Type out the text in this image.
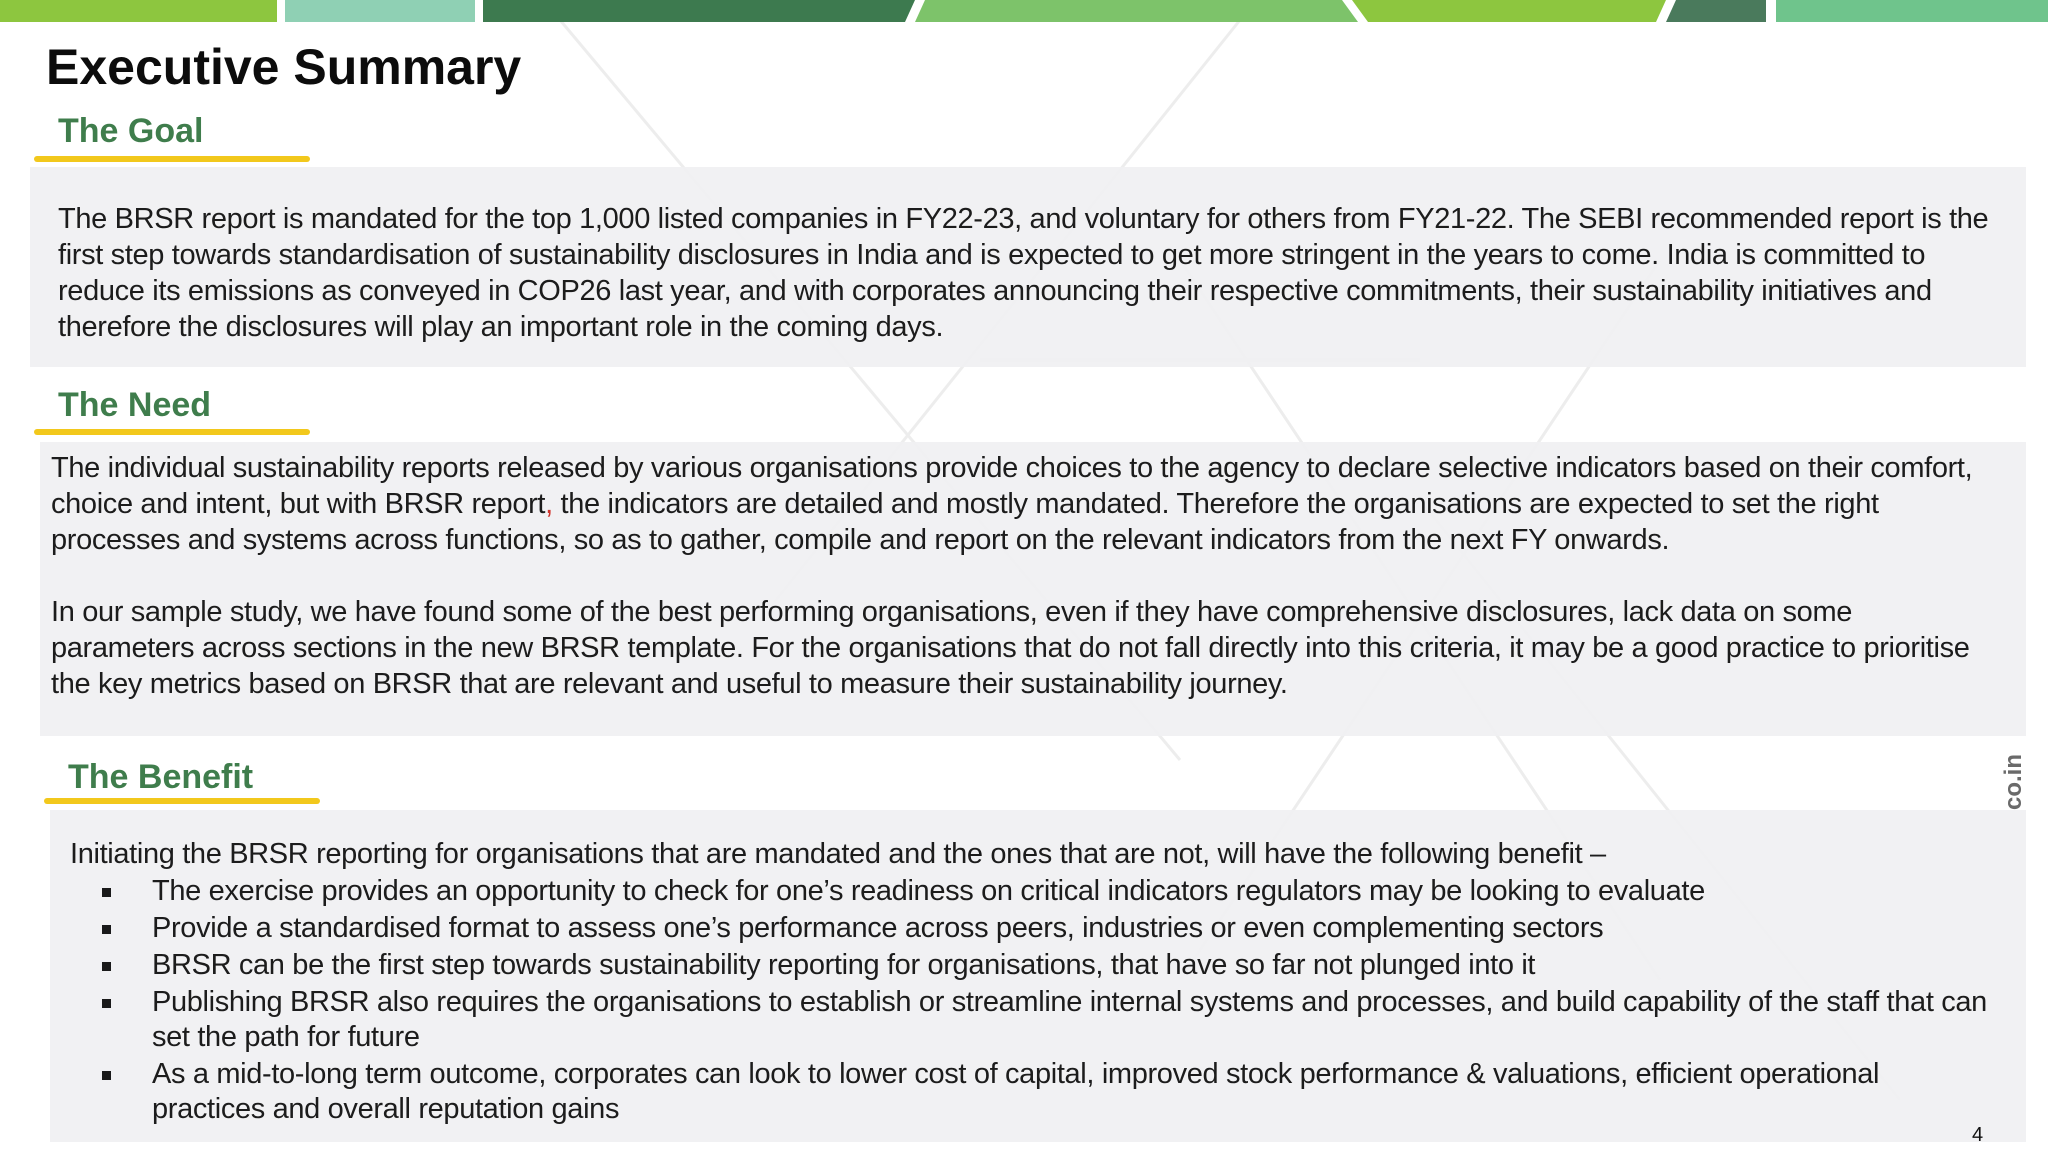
Executive Summary
The Goal

The BRSR report is mandated for the top 1,000 listed companies in FY22-23, and voluntary for others from FY21-22. The SEBI recommended report is the first step towards standardisation of sustainability disclosures in India and is expected to get more stringent in the years to come. India is committed to reduce its emissions as conveyed in COP26 last year, and with corporates announcing their respective commitments, their sustainability initiatives and therefore the disclosures will play an important role in the coming days.

The Need

The individual sustainability reports released by various organisations provide choices to the agency to declare selective indicators based on their comfort, choice and intent, but with BRSR report, the indicators are detailed and mostly mandated. Therefore the organisations are expected to set the right processes and systems across functions, so as to gather, compile and report on the relevant indicators from the next FY onwards.

In our sample study, we have found some of the best performing organisations, even if they have comprehensive disclosures, lack data on some parameters across sections in the new BRSR template. For the organisations that do not fall directly into this criteria, it may be a good practice to prioritise the key metrics based on BRSR that are relevant and useful to measure their sustainability journey.

The Benefit

Initiating the BRSR reporting for organisations that are mandated and the ones that are not, will have the following benefit –

The exercise provides an opportunity to check for one’s readiness on critical indicators regulators may be looking to evaluate
Provide a standardised format to assess one’s performance across peers, industries or even complementing sectors
BRSR can be the first step towards sustainability reporting for organisations, that have so far not plunged into it
Publishing BRSR also requires the organisations to establish or streamline internal systems and processes, and build capability of the staff that can set the path for future
As a mid-to-long term outcome, corporates can look to lower cost of capital, improved stock performance & valuations, efficient operational practices and overall reputation gains
co.in
4
